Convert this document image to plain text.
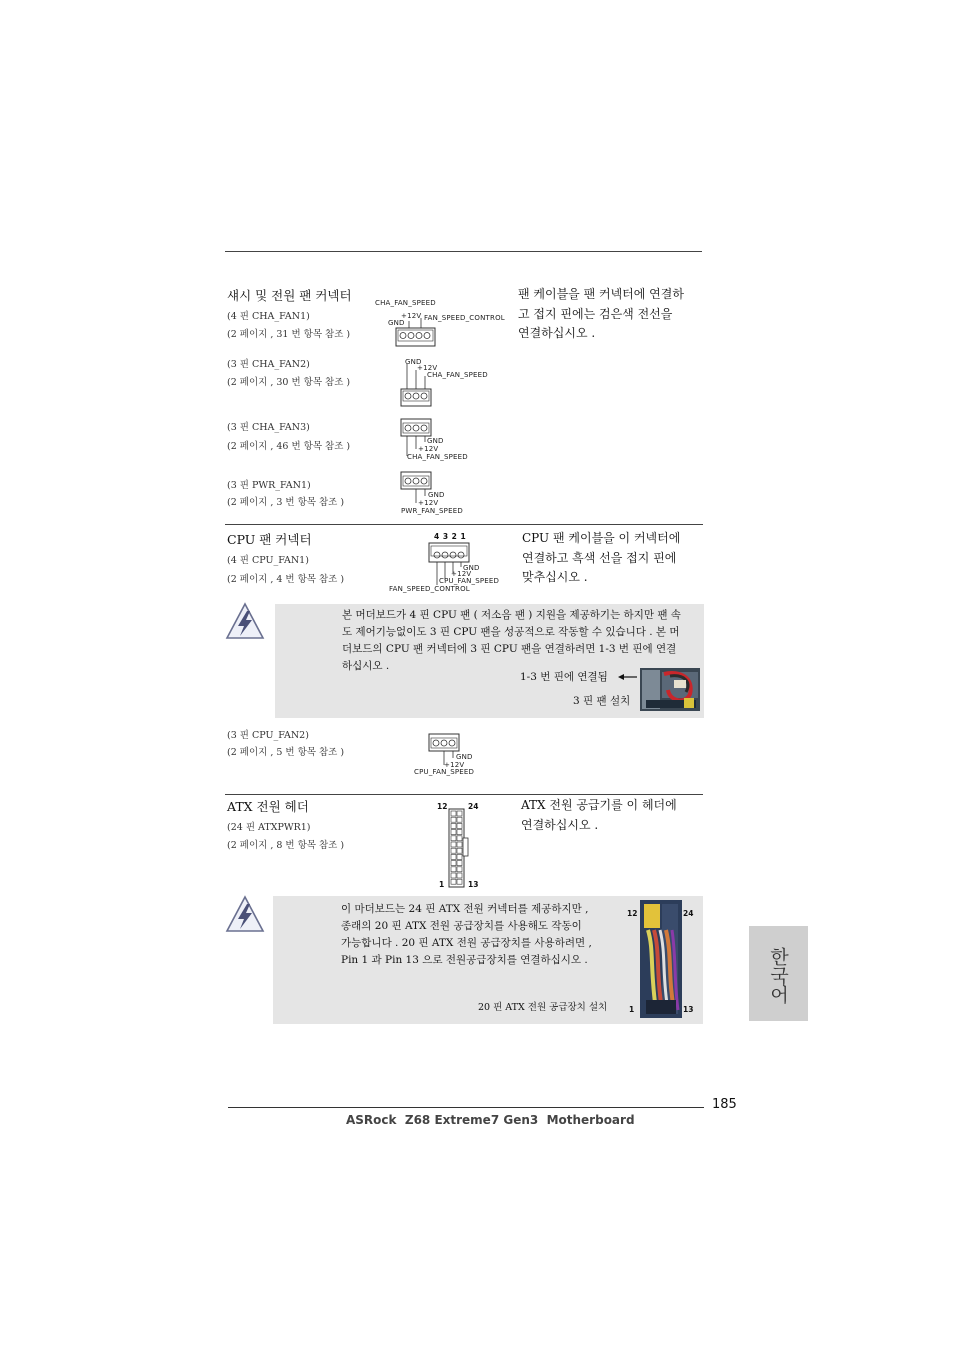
섀시 및 전원 팬 커넥터	팬 케이블을 팬 커넥터에 연결하
고 접지 핀에는 검은색 전선을
연결하십시오 .
(4 핀 CHA_FAN1)
(2 페이지 , 31 번 항목 참조 )
CHA_FAN_SPEED
+12V
GND
FAN_SPEED_CONTROL
(3 핀 CHA_FAN2)
(2 페이지 , 30 번 항목 참조 )
GND
+12V
CHA_FAN_SPEED
(3 핀 CHA_FAN3)
(2 페이지 , 46 번 항목 참조 )	GND
+12V
CHA_FAN_SPEED
(3 핀 PWR_FAN1)
(2 페이지 , 3 번 항목 참조 )
GND
+12V
PWR_FAN_SPEED
CPU 팬 커넥터	CPU 팬 케이블을 이 커넥터에
연결하고 흑색 선을 접지 핀에
맞추십시오 .
(4 핀 CPU_FAN1)
(2 페이지 , 4 번 항목 참조 )
4 3 2 1
GND
+12V
CPU_FAN_SPEED
FAN_SPEED_CONTROL
본 머더보드가 4 핀 CPU 팬 ( 저소음 팬 ) 지원을 제공하기는 하지만 팬 속
도 제어기능없이도 3 핀 CPU 팬을 성공적으로 작동할 수 있습니다 . 본 머
더보드의 CPU 팬 커넥터에 3 핀 CPU 팬을 연결하려면 1-3 번 핀에 연결
하십시오 .
1-3 번 핀에 연결됨
3 핀 팬 설치
(3 핀 CPU_FAN2)
(2 페이지 , 5 번 항목 참조 )	GND
+12V
CPU_FAN_SPEED
ATX 전원 헤더	ATX 전원 공급기를 이 헤더에
연결하십시오 .
(24 핀 ATXPWR1)
(2 페이지 , 8 번 항목 참조 )
12	24
1	13
이 마더보드는 24 핀 ATX 전원 커넥터를 제공하지만 ,
종래의 20 핀 ATX 전원 공급장치를 사용해도 작동이
가능합니다 . 20 핀 ATX 전원 공급장치를 사용하려면 ,
Pin 1 과 Pin 13 으로 전원공급장치를 연결하십시오 .
20 핀 ATX 전원 공급장치 설치
12	24
1	13
한국어
185
ASRock  Z68 Extreme7 Gen3  Motherboard
